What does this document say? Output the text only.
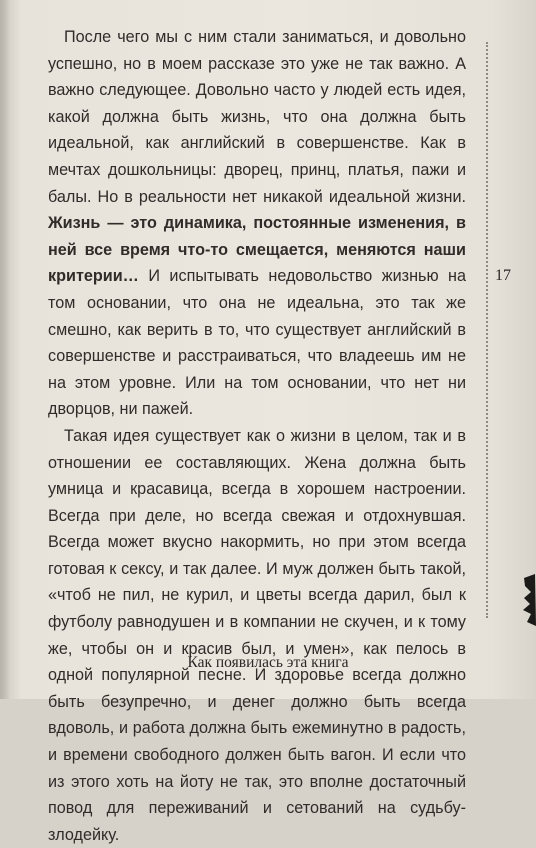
После чего мы с ним стали заниматься, и довольно успешно, но в моем рассказе это уже не так важно. А важно следующее. Довольно часто у людей есть идея, какой должна быть жизнь, что она должна быть идеальной, как английский в совершенстве. Как в мечтах дошкольницы: дворец, принц, платья, пажи и балы. Но в реальности нет никакой идеальной жизни. Жизнь — это динамика, постоянные изменения, в ней все время что-то смещается, меняются наши критерии… И испытывать недовольство жизнью на том основании, что она не идеальна, это так же смешно, как верить в то, что существует английский в совершенстве и расстраиваться, что владеешь им не на этом уровне. Или на том основании, что нет ни дворцов, ни пажей.

Такая идея существует как о жизни в целом, так и в отношении ее составляющих. Жена должна быть умница и красавица, всегда в хорошем настроении. Всегда при деле, но всегда свежая и отдохнувшая. Всегда может вкусно накормить, но при этом всегда готовая к сексу, и так далее. И муж должен быть такой, «чтоб не пил, не курил, и цветы всегда дарил, был к футболу равнодушен и в компании не скучен, и к тому же, чтобы он и красив был, и умен», как пелось в одной популярной песне. И здоровье всегда должно быть безупречно, и денег должно быть всегда вдоволь, и работа должна быть ежеминутно в радость, и времени свободного должен быть вагон. И если что из этого хоть на йоту не так, это вполне достаточный повод для переживаний и сетований на судьбу-злодейку.

17
Как появилась эта книга
